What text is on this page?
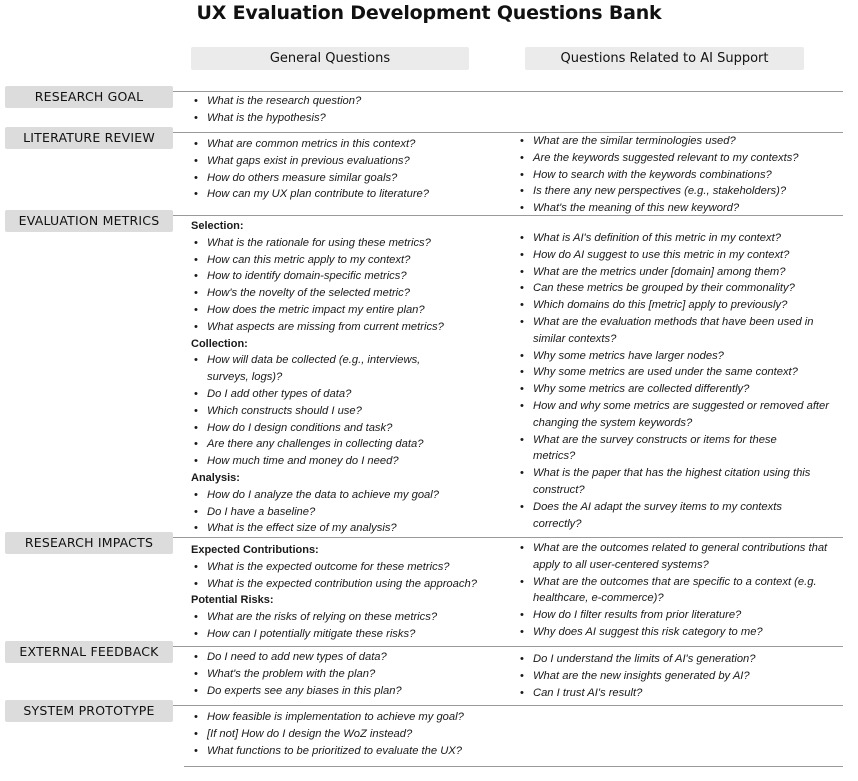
UX Evaluation Development Questions Bank
General Questions	Questions Related to AI Support
RESEARCH GOAL
LITERATURE REVIEW
EVALUATION METRICS
RESEARCH IMPACTS
EXTERNAL FEEDBACK
SYSTEM PROTOTYPE
• What is the research question?
• What is the hypothesis?
• What are common metrics in this context?
• What gaps exist in previous evaluations?
• How do others measure similar goals?
• How can my UX plan contribute to literature?
• What are the similar terminologies used?
• Are the keywords suggested relevant to my contexts?
• How to search with the keywords combinations?
• Is there any new perspectives (e.g., stakeholders)?
• What's the meaning of this new keyword?
Selection:
• What is the rationale for using these metrics?
• How can this metric apply to my context?
• How to identify domain-specific metrics?
• How's the novelty of the selected metric?
• How does the metric impact my entire plan?
• What aspects are missing from current metrics?
Collection:
• How will data be collected (e.g., interviews, surveys, logs)?
• Do I add other types of data?
• Which constructs should I use?
• How do I design conditions and task?
• Are there any challenges in collecting data?
• How much time and money do I need?
Analysis:
• How do I analyze the data to achieve my goal?
• Do I have a baseline?
• What is the effect size of my analysis?
• What is AI's definition of this metric in my context?
• How do AI suggest to use this metric in my context?
• What are the metrics under [domain] among them?
• Can these metrics be grouped by their commonality?
• Which domains do this [metric] apply to previously?
• What are the evaluation methods that have been used in similar contexts?
• Why some metrics have larger nodes?
• Why some metrics are used under the same context?
• Why some metrics are collected differently?
• How and why some metrics are suggested or removed after changing the system keywords?
• What are the survey constructs or items for these metrics?
• What is the paper that has the highest citation using this construct?
• Does the AI adapt the survey items to my contexts correctly?
Expected Contributions:
• What is the expected outcome for these metrics?
• What is the expected contribution using the approach?
Potential Risks:
• What are the risks of relying on these metrics?
• How can I potentially mitigate these risks?
• What are the outcomes related to general contributions that apply to all user-centered systems?
• What are the outcomes that are specific to a context (e.g. healthcare, e-commerce)?
• How do I filter results from prior literature?
• Why does AI suggest this risk category to me?
• Do I need to add new types of data?
• What's the problem with the plan?
• Do experts see any biases in this plan?
• Do I understand the limits of AI's generation?
• What are the new insights generated by AI?
• Can I trust AI's result?
• How feasible is implementation to achieve my goal?
• [If not] How do I design the WoZ instead?
• What functions to be prioritized to evaluate the UX?
